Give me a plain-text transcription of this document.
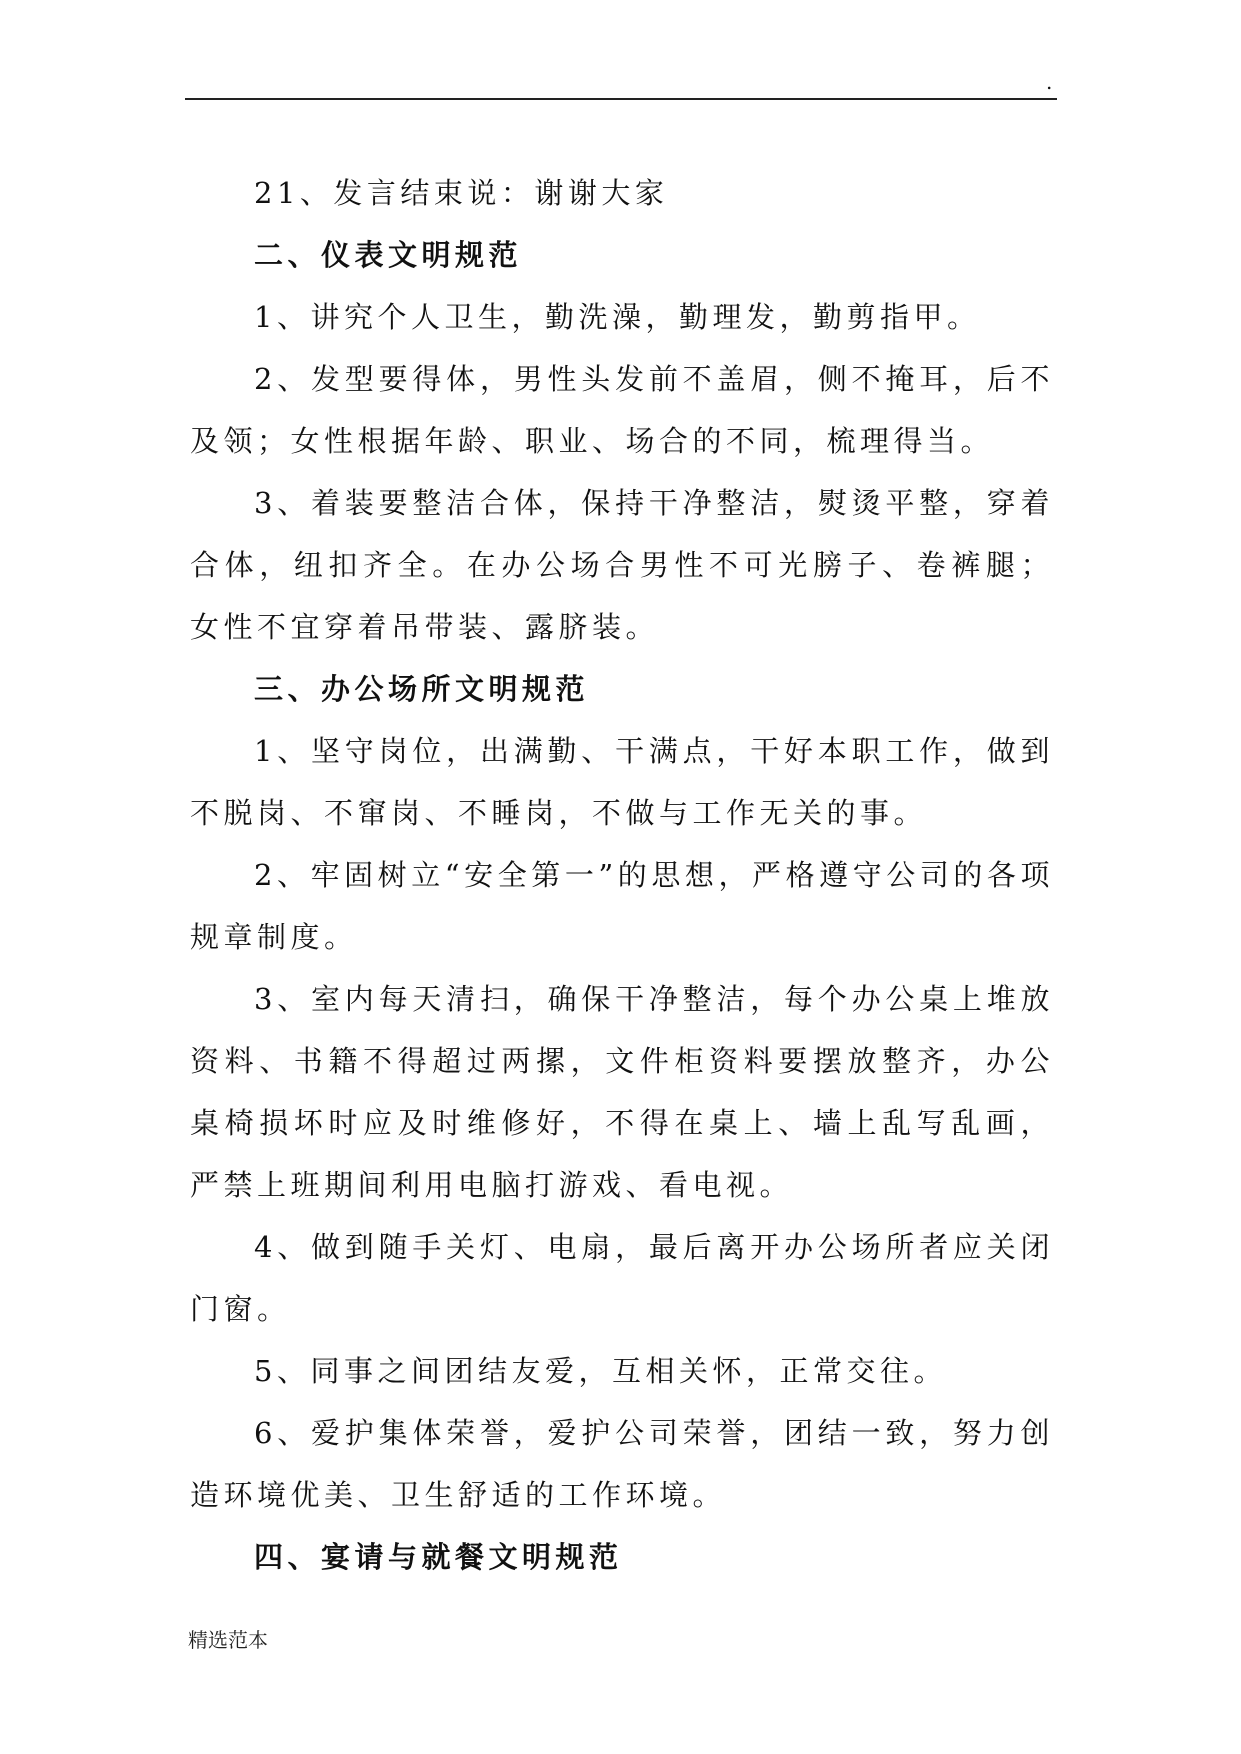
.

21、发言结束说：谢谢大家

二、仪表文明规范

1、讲究个人卫生，勤洗澡，勤理发，勤剪指甲。

2、发型要得体，男性头发前不盖眉，侧不掩耳，后不及领；女性根据年龄、职业、场合的不同，梳理得当。

3、着装要整洁合体，保持干净整洁，熨烫平整，穿着合体，纽扣齐全。在办公场合男性不可光膀子、卷裤腿；女性不宜穿着吊带装、露脐装。

三、办公场所文明规范

1、坚守岗位，出满勤、干满点，干好本职工作，做到不脱岗、不窜岗、不睡岗，不做与工作无关的事。

2、牢固树立“安全第一”的思想，严格遵守公司的各项规章制度。

3、室内每天清扫，确保干净整洁，每个办公桌上堆放资料、书籍不得超过两摞，文件柜资料要摆放整齐，办公桌椅损坏时应及时维修好，不得在桌上、墙上乱写乱画，严禁上班期间利用电脑打游戏、看电视。

4、做到随手关灯、电扇，最后离开办公场所者应关闭门窗。

5、同事之间团结友爱，互相关怀，正常交往。

6、爱护集体荣誉，爱护公司荣誉，团结一致，努力创造环境优美、卫生舒适的工作环境。

四、宴请与就餐文明规范

精选范本
